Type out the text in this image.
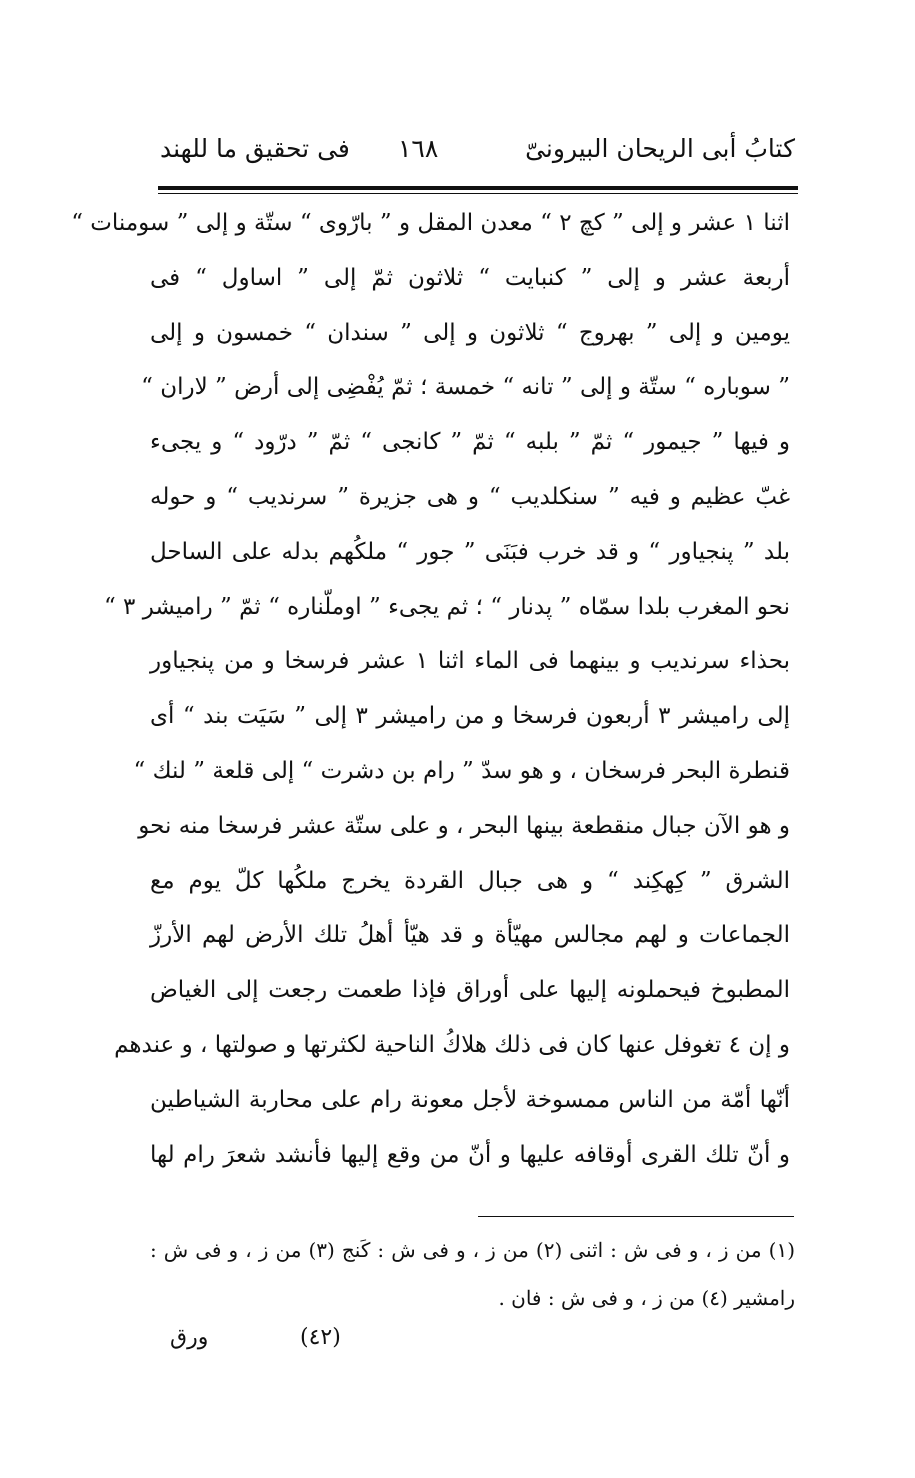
كتابُ أبى الريحان البيرونىّ
١٦٨
فى تحقيق ما للهند
اثنا ١ عشر و إلى ” كچ ٢ “ معدن المقل و ” بارّوى “ ستّة و إلى ” سومنات “
أربعة عشر و إلى ” كنبايت “ ثلاثون ثمّ إلى ” اساول “ فى
يومين و إلى ” بهروج “ ثلاثون و إلى ” سندان “ خمسون و إلى
” سوباره “ ستّة و إلى ” تانه “ خمسة ؛ ثمّ يُفْضِى إلى أرض ” لاران “
و فيها ” جيمور “ ثمّ ” بلبه “ ثمّ ” كانجى “ ثمّ ” درّود “ و يجىء
غبّ عظيم و فيه ” سنكلديب “ و هى جزيرة ” سرنديب “ و حوله
بلد ” پنجياور “ و قد خرب فبَنَى ” جور “ ملكُهم بدله على الساحل
نحو المغرب بلدا سمّاه ” پدنار “ ؛ ثم يجىء ” اوملّناره “ ثمّ ” راميشر ٣ “
بحذاء سرنديب و بينهما فى الماء اثنا ١ عشر فرسخا و من پنجياور
إلى راميشر ٣ أربعون فرسخا و من راميشر ٣ إلى ” سَيَت بند “ أى
قنطرة البحر فرسخان ، و هو سدّ ” رام بن دشرت “ إلى قلعة ” لنك “
و هو الآن جبال منقطعة بينها البحر ، و على ستّة عشر فرسخا منه نحو
الشرق ” كِهكِند “ و هى جبال القردة يخرج ملكُها كلّ يوم مع
الجماعات و لهم مجالس مهيّأة و قد هيّأ أهلُ تلك الأرض لهم الأرزّ
المطبوخ فيحملونه إليها على أوراق فإذا طعمت رجعت إلى الغياض
و إن ٤ تغوفل عنها كان فى ذلك هلاكُ الناحية لكثرتها و صولتها ، و عندهم
أنّها أمّة من الناس ممسوخة لأجل معونة رام على محاربة الشياطين
و أنّ تلك القرى أوقافه عليها و أنّ من وقع إليها فأنشد شعرَ رام لها
(١) من ز ، و فى ش : اثنى (٢) من ز ، و فى ش : كَنج (٣) من ز ، و فى ش :
رامشير (٤) من ز ، و فى ش : فان .
(٤٢)
ورق
